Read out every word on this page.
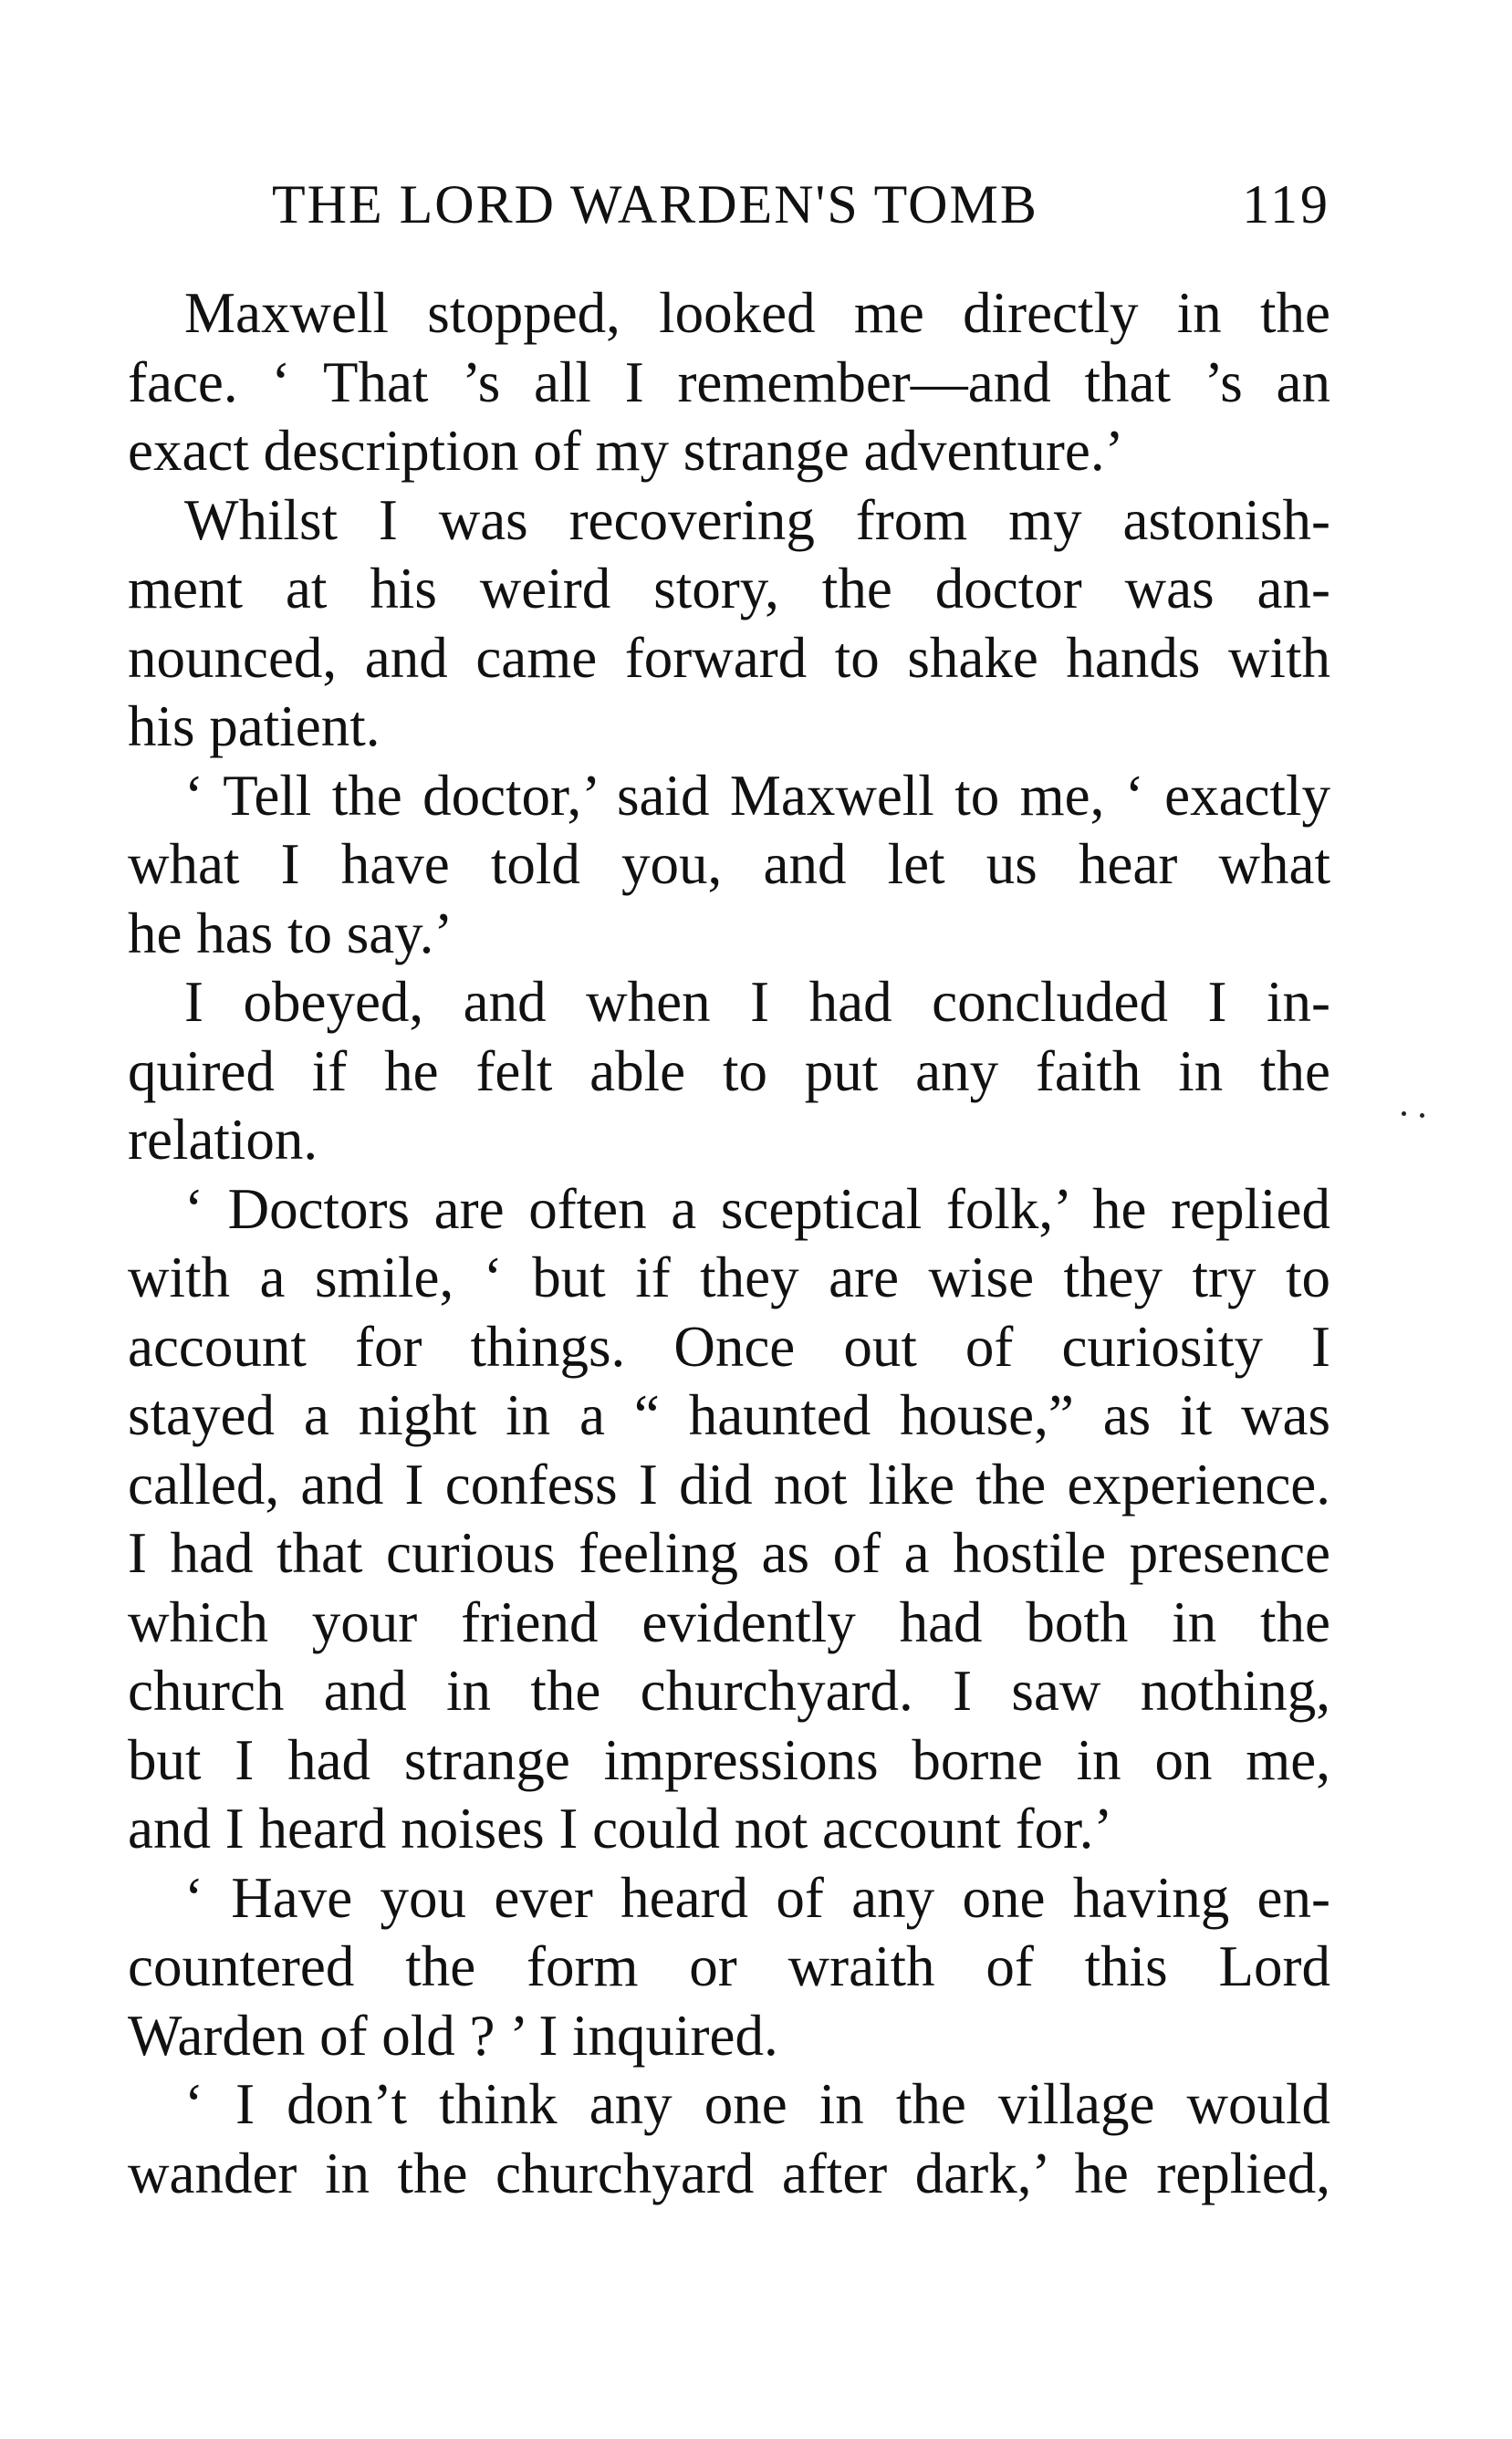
THE LORD WARDEN'S TOMB	119
Maxwell stopped, looked me directly in the
face. ‘ That ’s all I remember—and that ’s an
exact description of my strange adventure.’
Whilst I was recovering from my astonish-
ment at his weird story, the doctor was an-
nounced, and came forward to shake hands with
his patient.
‘ Tell the doctor,’ said Maxwell to me, ‘ exactly
what I have told you, and let us hear what
he has to say.’
I obeyed, and when I had concluded I in-
quired if he felt able to put any faith in the
relation.
‘ Doctors are often a sceptical folk,’ he replied
with a smile, ‘ but if they are wise they try to
account for things. Once out of curiosity I
stayed a night in a “ haunted house,” as it was
called, and I confess I did not like the experience.
I had that curious feeling as of a hostile presence
which your friend evidently had both in the
church and in the churchyard. I saw nothing,
but I had strange impressions borne in on me,
and I heard noises I could not account for.’
‘ Have you ever heard of any one having en-
countered the form or wraith of this Lord
Warden of old ? ’ I inquired.
‘ I don’t think any one in the village would
wander in the churchyard after dark,’ he replied,
